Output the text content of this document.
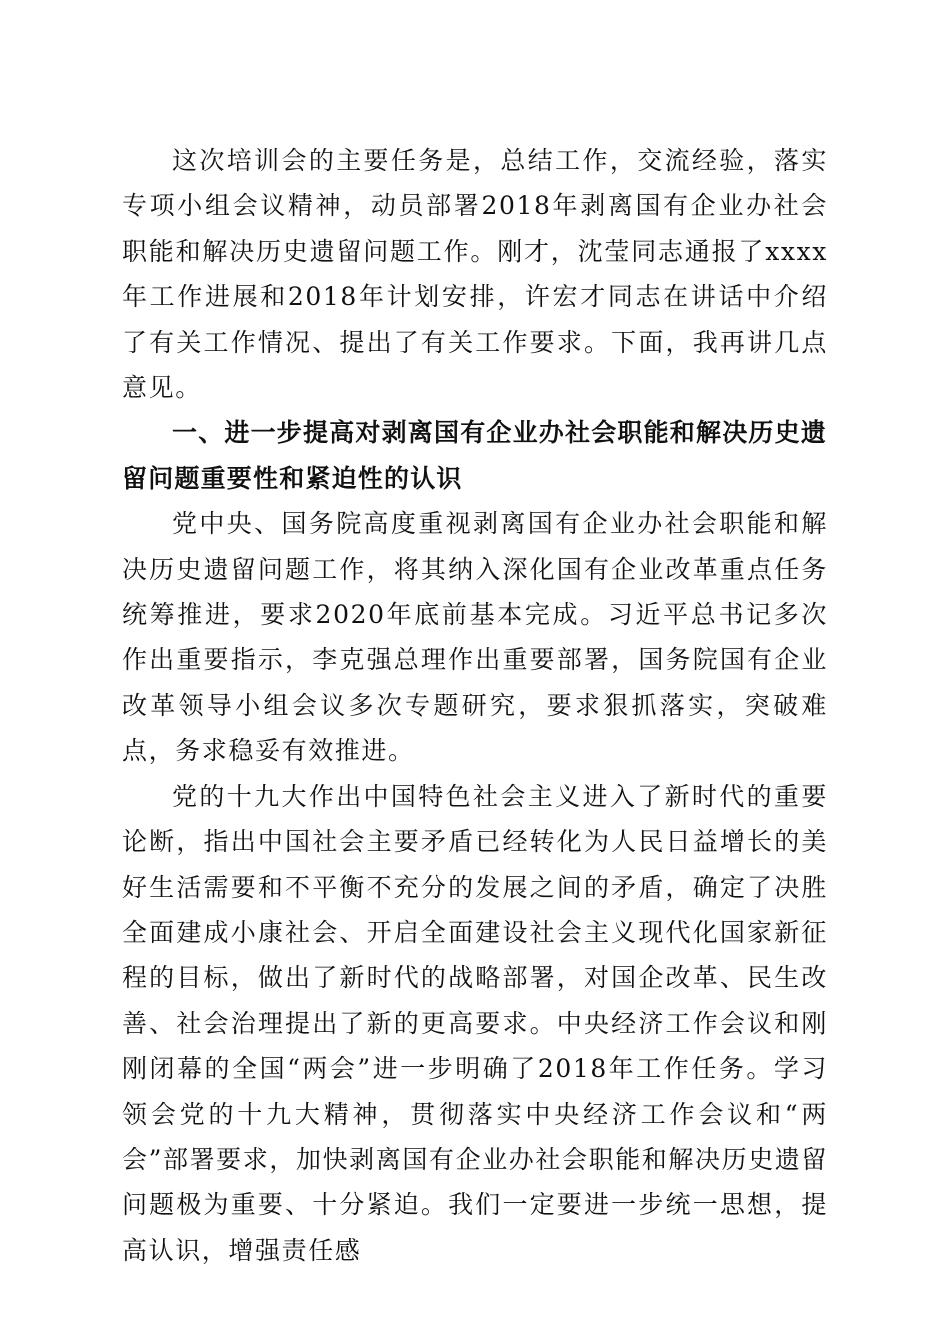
这次培训会的主要任务是，总结工作，交流经验，落实专项小组会议精神，动员部署2018年剥离国有企业办社会职能和解决历史遗留问题工作。刚才，沈莹同志通报了xxxx年工作进展和2018年计划安排，许宏才同志在讲话中介绍了有关工作情况、提出了有关工作要求。下面，我再讲几点意见。

一、进一步提高对剥离国有企业办社会职能和解决历史遗留问题重要性和紧迫性的认识

党中央、国务院高度重视剥离国有企业办社会职能和解决历史遗留问题工作，将其纳入深化国有企业改革重点任务统筹推进，要求2020年底前基本完成。习近平总书记多次作出重要指示，李克强总理作出重要部署，国务院国有企业改革领导小组会议多次专题研究，要求狠抓落实，突破难点，务求稳妥有效推进。

党的十九大作出中国特色社会主义进入了新时代的重要论断，指出中国社会主要矛盾已经转化为人民日益增长的美好生活需要和不平衡不充分的发展之间的矛盾，确定了决胜全面建成小康社会、开启全面建设社会主义现代化国家新征程的目标，做出了新时代的战略部署，对国企改革、民生改善、社会治理提出了新的更高要求。中央经济工作会议和刚刚闭幕的全国“两会”进一步明确了2018年工作任务。学习领会党的十九大精神，贯彻落实中央经济工作会议和“两会”部署要求，加快剥离国有企业办社会职能和解决历史遗留问题极为重要、十分紧迫。我们一定要进一步统一思想，提高认识，增强责任感
